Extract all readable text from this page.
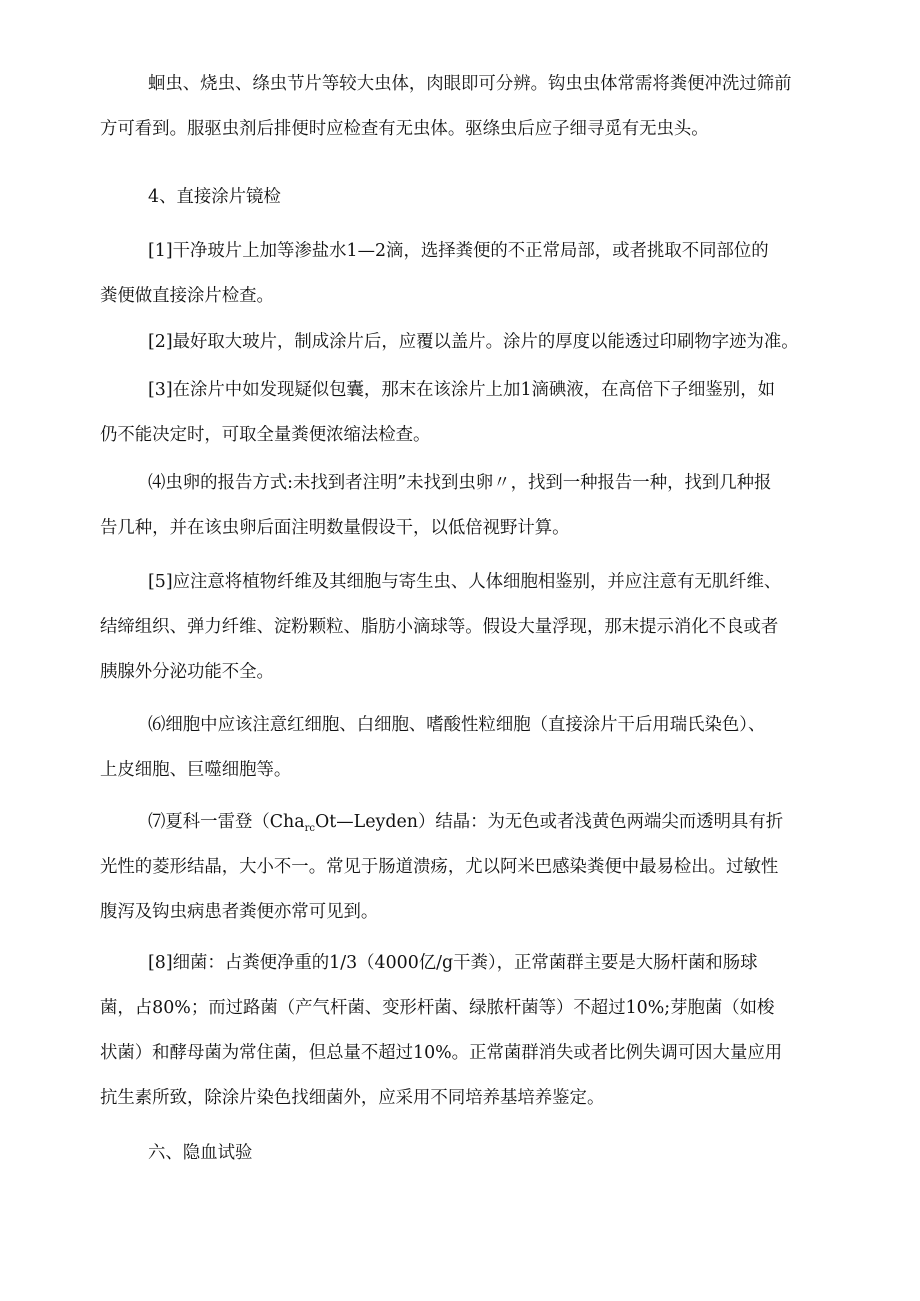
蛔虫、烧虫、绦虫节片等较大虫体，肉眼即可分辨。钩虫虫体常需将粪便冲洗过筛前
方可看到。服驱虫剂后排便时应检查有无虫体。驱绦虫后应子细寻觅有无虫头。

4、直接涂片镜检

[1]干净玻片上加等渗盐水1—2滴，选择粪便的不正常局部，或者挑取不同部位的
粪便做直接涂片检查。

[2]最好取大玻片，制成涂片后，应覆以盖片。涂片的厚度以能透过印刷物字迹为准。

[3]在涂片中如发现疑似包囊，那末在该涂片上加1滴碘液，在高倍下子细鉴别，如
仍不能决定时，可取全量粪便浓缩法检查。

⑷虫卵的报告方式:未找到者注明”未找到虫卵〃，找到一种报告一种，找到几种报
告几种，并在该虫卵后面注明数量假设干，以低倍视野计算。

[5]应注意将植物纤维及其细胞与寄生虫、人体细胞相鉴别，并应注意有无肌纤维、
结缔组织、弹力纤维、淀粉颗粒、脂肪小滴球等。假设大量浮现，那末提示消化不良或者
胰腺外分泌功能不全。

⑹细胞中应该注意红细胞、白细胞、嗜酸性粒细胞（直接涂片干后用瑞氏染色）、
上皮细胞、巨噬细胞等。

⑺夏科一雷登（Cha$_{rc}$Ot—Leyden）结晶：为无色或者浅黄色两端尖而透明具有折
光性的菱形结晶，大小不一。常见于肠道溃疡，尤以阿米巴感染粪便中最易检出。过敏性
腹泻及钩虫病患者粪便亦常可见到。

[8]细菌：占粪便净重的1/3（4000亿/g干粪），正常菌群主要是大肠杆菌和肠球
菌，占80%；而过路菌（产气杆菌、变形杆菌、绿脓杆菌等）不超过10%;芽胞菌（如梭
状菌）和酵母菌为常住菌，但总量不超过10%。正常菌群消失或者比例失调可因大量应用
抗生素所致，除涂片染色找细菌外，应采用不同培养基培养鉴定。

六、隐血试验
